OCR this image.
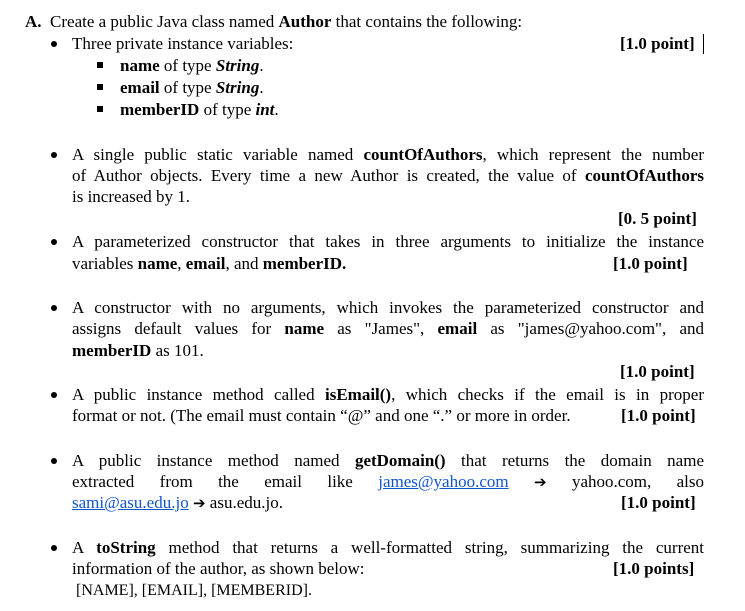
A. Create a public Java class named Author that contains the following:
Three private instance variables:	[1.0 point]
name of type String.
email of type String.
memberID of type int.
A single public static variable named countOfAuthors, which represent the number
of Author objects. Every time a new Author is created, the value of countOfAuthors
is increased by 1.
[0. 5 point]
A parameterized constructor that takes in three arguments to initialize the instance
variables name, email, and memberID.	[1.0 point]
A constructor with no arguments, which invokes the parameterized constructor and
assigns default values for name as "James", email as "james@yahoo.com", and
memberID as 101.
[1.0 point]
A public instance method called isEmail(), which checks if the email is in proper
format or not. (The email must contain “@” and one “.” or more in order.	[1.0 point]
A public instance method named getDomain() that returns the domain name
extracted from the email like james@yahoo.com ➔ yahoo.com, also
sami@asu.edu.jo ➔ asu.edu.jo.	[1.0 point]
A toString method that returns a well-formatted string, summarizing the current
information of the author, as shown below:	[1.0 points]
[NAME], [EMAIL], [MEMBERID].
